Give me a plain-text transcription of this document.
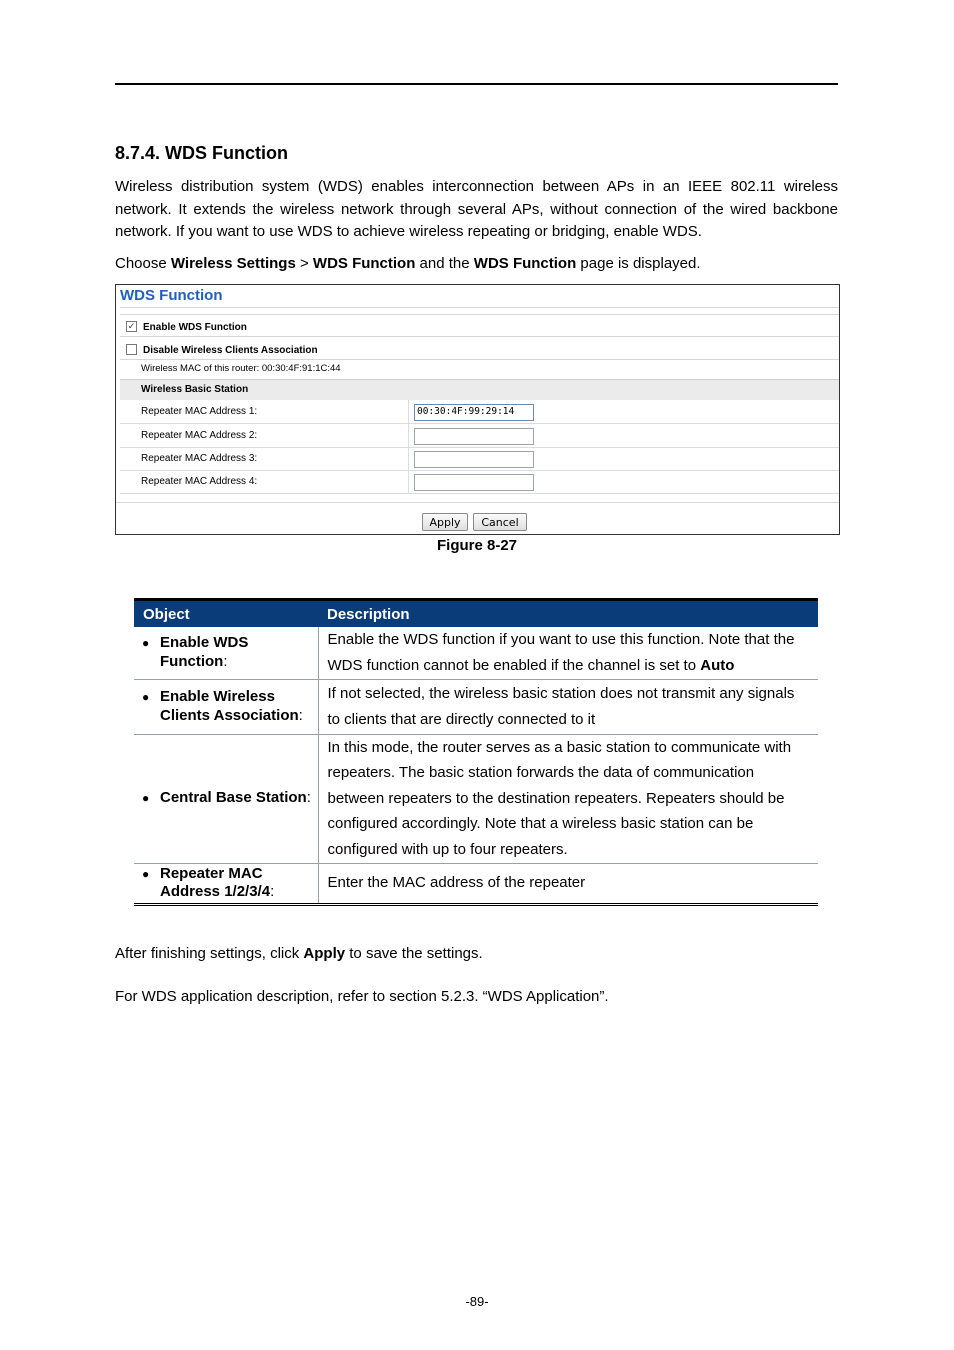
8.7.4. WDS Function

Wireless distribution system (WDS) enables interconnection between APs in an IEEE 802.11 wireless network. It extends the wireless network through several APs, without connection of the wired backbone network. If you want to use WDS to achieve wireless repeating or bridging, enable WDS.

Choose Wireless Settings > WDS Function and the WDS Function page is displayed.

WDS Function
✓ Enable WDS Function
Disable Wireless Clients Association
Wireless MAC of this router: 00:30:4F:91:1C:44
Wireless Basic Station
Repeater MAC Address 1:	00:30:4F:99:29:14
Repeater MAC Address 2:
Repeater MAC Address 3:
Repeater MAC Address 4:
Apply	Cancel
Figure 8-27
Object	Description

● Enable WDS Function:	Enable the WDS function if you want to use this function. Note that the WDS function cannot be enabled if the channel is set to Auto

● Enable Wireless Clients Association:	If not selected, the wireless basic station does not transmit any signals to clients that are directly connected to it

● Central Base Station:	In this mode, the router serves as a basic station to communicate with repeaters. The basic station forwards the data of communication between repeaters to the destination repeaters. Repeaters should be configured accordingly. Note that a wireless basic station can be configured with up to four repeaters.

● Repeater MAC Address 1/2/3/4:	Enter the MAC address of the repeater

After finishing settings, click Apply to save the settings.

For WDS application description, refer to section 5.2.3. “WDS Application”.

-89-
